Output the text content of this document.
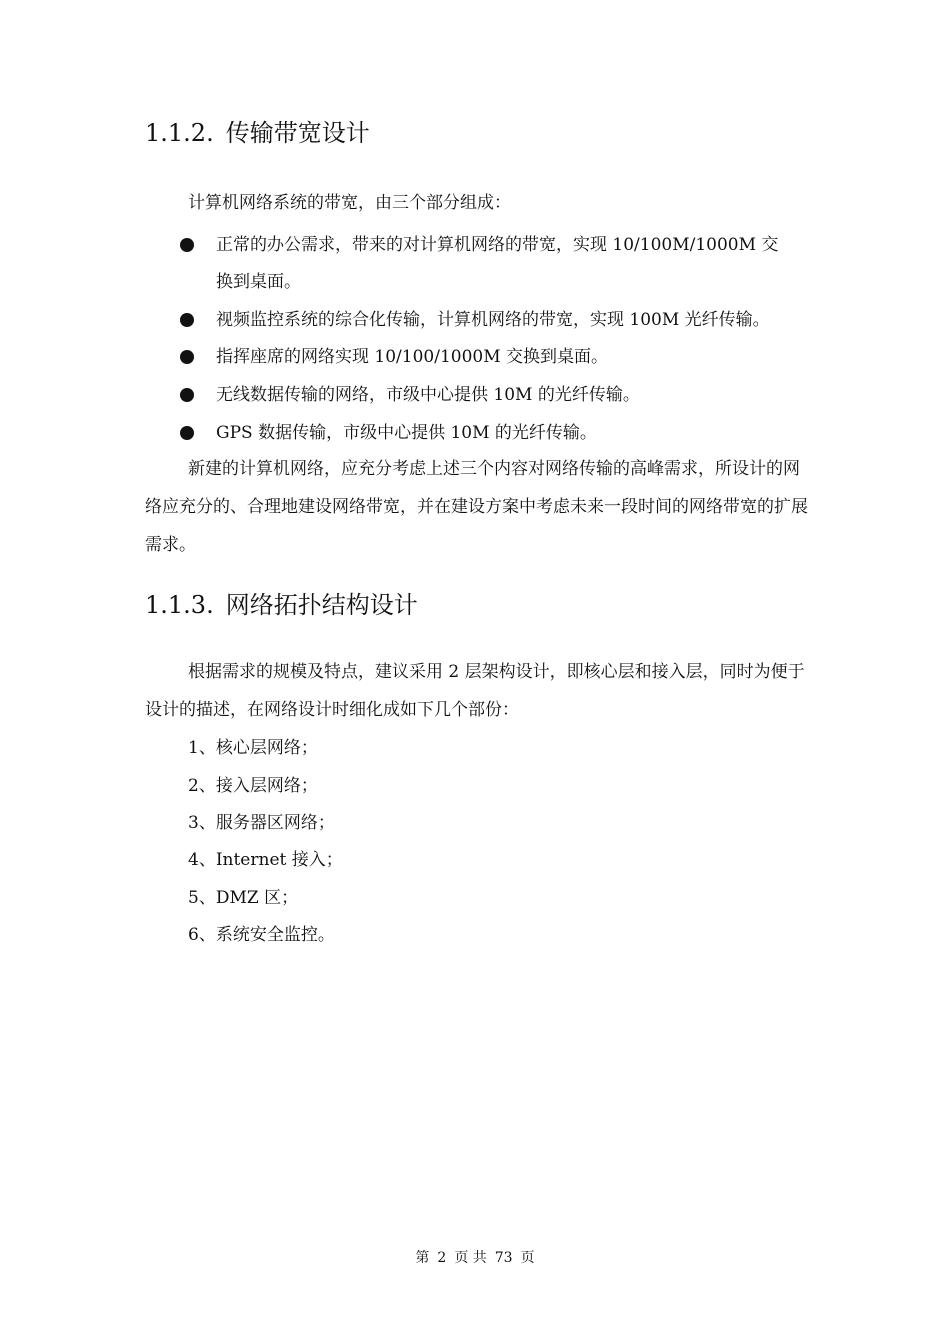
1.1.2. 传输带宽设计
计算机网络系统的带宽，由三个部分组成：
正常的办公需求，带来的对计算机网络的带宽，实现 10/100M/1000M 交
换到桌面。
视频监控系统的综合化传输，计算机网络的带宽，实现 100M 光纤传输。
指挥座席的网络实现 10/100/1000M 交换到桌面。
无线数据传输的网络，市级中心提供 10M 的光纤传输。
GPS 数据传输，市级中心提供 10M 的光纤传输。
新建的计算机网络，应充分考虑上述三个内容对网络传输的高峰需求，所设计的网络应充分的、合理地建设网络带宽，并在建设方案中考虑未来一段时间的网络带宽的扩展需求。
1.1.3. 网络拓扑结构设计
根据需求的规模及特点，建议采用 2 层架构设计，即核心层和接入层，同时为便于设计的描述，在网络设计时细化成如下几个部份：
1、核心层网络；
2、接入层网络；
3、服务器区网络；
4、Internet 接入；
5、DMZ 区；
6、系统安全监控。
第 2 页 共 73 页
